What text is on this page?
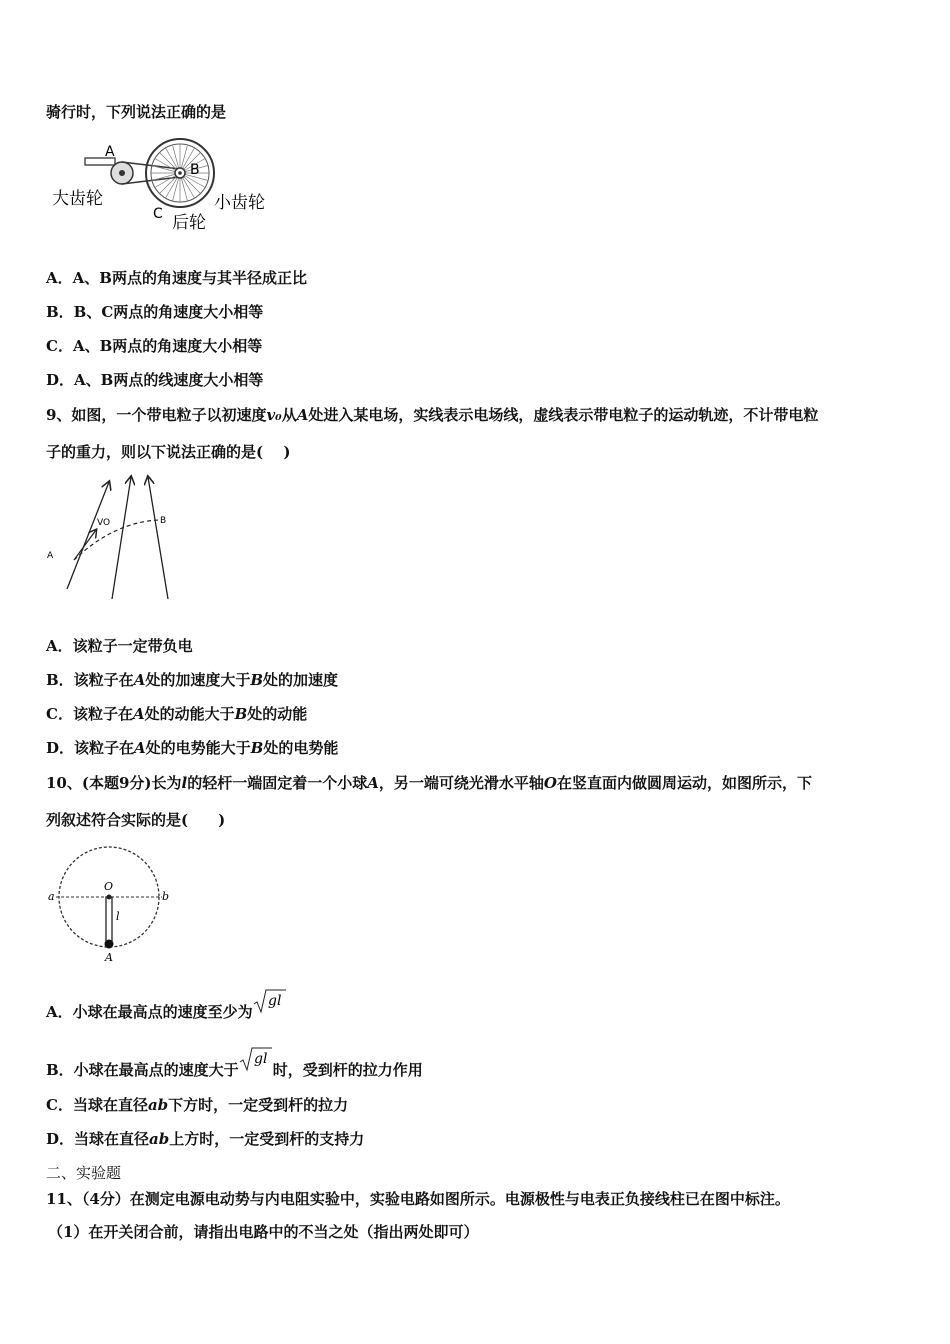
骑行时，下列说法正确的是
A
B
C
大齿轮	小齿轮
后轮
A．A、B两点的角速度与其半径成正比
B．B、C两点的角速度大小相等
C．A、B两点的角速度大小相等
D．A、B两点的线速度大小相等
9、如图，一个带电粒子以初速度v₀从A处进入某电场，实线表示电场线，虚线表示带电粒子的运动轨迹，不计带电粒
子的重力，则以下说法正确的是(　 )
A
VO	B
A．该粒子一定带负电
B．该粒子在A处的加速度大于B处的加速度
C．该粒子在A处的动能大于B处的动能
D．该粒子在A处的电势能大于B处的电势能
10、(本题9分)长为l的轻杆一端固定着一个小球A，另一端可绕光滑水平轴O在竖直面内做圆周运动，如图所示，下
列叙述符合实际的是(　　)
O
a	b
l
A
A．小球在最高点的速度至少为
gl
B．小球在最高点的速度大于
gl
时，受到杆的拉力作用
C．当球在直径ab下方时，一定受到杆的拉力
D．当球在直径ab上方时，一定受到杆的支持力
二、实验题
11、（4分）在测定电源电动势与内电阻实验中，实验电路如图所示。电源极性与电表正负接线柱已在图中标注。
（1）在开关闭合前，请指出电路中的不当之处（指出两处即可）
